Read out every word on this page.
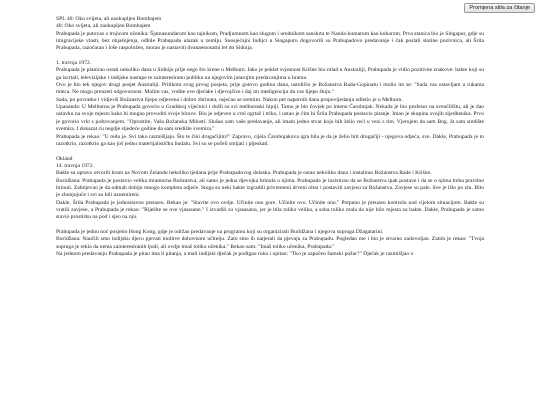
Promjena stila za čitanje

SPL 40: Oko svijeta, ali zaokupljen Bombajem

40: Oko svijeta, ali zaokupljen Bombajem

Prabupada je putovao s trojicom učenika: Šjamasundarom kao tajnikom, Pradjumnom kao slugom i urednikom sanskrta te Nanda-kumarom kao kuharom. Prva stanica bio je Singapur, gdje su imigracijske vlasti, bez objašnjenja, odbile Prabupadu ulazak u zemlju. Suosjećajni Indijci u Singapuru dogovorili su Prabupadovo predavanje i čak poslali stotine pozivnica, ali Šrila Prabupada, razočaran i loše raspoložen, morao je nastaviti dvanaestosatni let do Sidnija.

1. travnja 1972.

Prabupada je planirao ostati nekoliko dana u Sidniju prije nego što krene u Melburn. Iako je poklet svjesnost Krišne bio mlad u Australiji, Prabupada je vidio pozitivne znakove: bakte koji su ga iscrtali, televizijske i radijske nastupe te zainteresiranu publiku na njegovim jutarnjim predavanjima u hramu.

Ovo je bio tek njegov drugi posjet Australiji. Prilikom svog prvog posjeta, prije gotovo godinu dana, ustoličio je Božanstva Rada-Gopinatu i molio im se: "Sada vas ostavljam u rukama mleca. Ne mogu preuzeti odgovornost. Molim vas, vodite ove dječake i djevojčice i daj im inteligenciju da vas lijepo štuju."

Sada, po povratku i vidjevši Božanstva lijepo odjevena i dobro zbrinuta, osjećao se sretnim. Nakon pet napornih dana propovijedanja odletio je u Melburn.

Upananda: U Melburnu je Prabupada govorio u Gradskoj vijećnici i došli su svi melburnski hipiji. Tamo je bio čovjek po imenu Čarobnjak. Nekada je bio profesor na sveučilištu, ali je dao ostavku na svoje mjesto kako bi mogao provoditi svoje hirove. Bio je odjeven u crni ogrtač i triko, i ustao je čim bi Šrila Prabupada postavio pitanje. Imao je skupinu svojih sljedbenika. Prvo je govorio vrlo s poštovanjem. "Oprostite, Vaša Božanska Milosti. Slušao sam vaše predavanje, ali imam jedno stvar koju bih želio reći u vezi s tim. Vjerujem da sam Bog. Ja sam središte svemira. I dokazat ću negdje sljedeće godine da sam središte svemira."

Prabupada je rekao: "U redu je. Svi tako razmišljaju. Što te čini drugačijim?" Zapravo, cijela Čarobnjakova igra bila je da je želio biti drugačiji - njegova odjeća, sve. Dakle, Prabupada je to razotkrio, razotkrio ga kao još jednu materijalističku budalu. Svi su se počeli smijati i pljeskati.

Okland

14. travnja 1972.

Bakte su upravo otvorili hram na Novom Zelandu nekoliko tjedana prije Prabupadovog dolaska. Prabupada je ostao nekoliko dana i instalirao Božanstva Rade i Krišne.

Buridžana: Prabupada je postavio velika mramorna Božanstva, ali samo je jedna djevojka brinula o njima. Prabupada je inzistirao da se Božanstva ipak postave i da se o njima treba pravilno brinuti. Zahtijevao je da odmah dobiju mnogo kompleta odjeće. Stoga su neki bakte izgradili privremeni drveni oltar i postavili zavjesu za Božanstva. Zavjese su pale. Sve je išlo po zlu. Bilo je zbunjujuće i svi su bili uznemireni.

Dakle, Šrila Prabupada je jednostavno preuzeo. Rekao je: "Stavite ovo ovdje. Učinite ono gore. Učinite ovo. Učinite ono." Potpuno je preuzeo kontrolu nad cijelom situacijom. Bakte su vratili zavjese, a Prabupada je rekao: "Riješite se ove vjasasane." I izvadili su vjasasanu, jer je bila toliko velika, a soba toliko mala da nije bilo mjesta za bakte. Dakle, Prabupada je samo stavio prostirku na pod i sjeo na nju.

Prabupada je jednu noć posjetio Hong Kong, gdje je održao predavanje na programu koji su organizirali Buridžana i njegova supruga Džagatarini.

Buridžana: Naučili smo indijsku djecu pjevati molitve duhovnom učitelju. Zato smo ih natjerali da pjevaju za Prabupadu. Pogledao me i bio je stvarno zadovoljan. Zatim je rekao: "Tvoja supruga je rekla da nema zainteresiranih ljudi, ali ovdje imaš toliko učenika." Rekao sam: "Imaš toliko učenika, Prabupada."

Na jednom predavanju Prabupada je pitao ima li pitanja, a mali indijski dječak je podigao ruku i upitao: "Tko je započeo šumski požar?" Dječak je razmišljao o
